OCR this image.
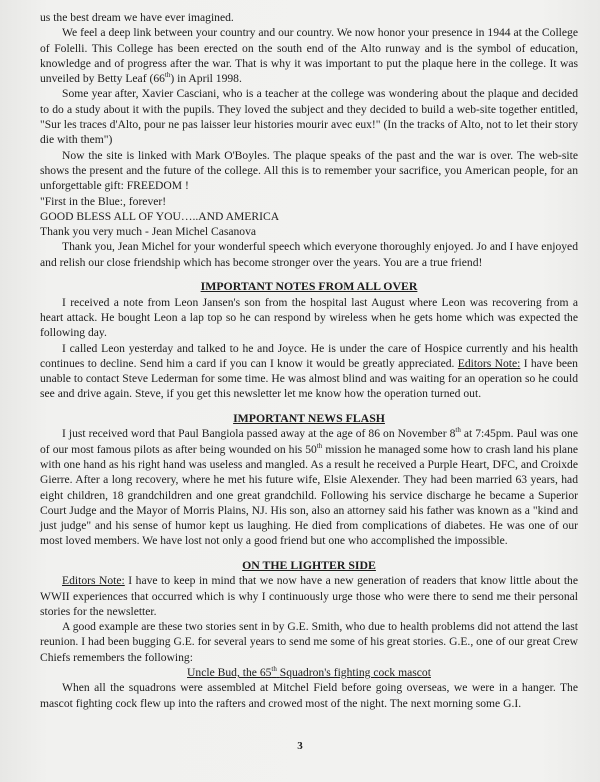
us the best dream we have ever imagined.

We feel a deep link between your country and our country. We now honor your presence in 1944 at the College of Folelli. This College has been erected on the south end of the Alto runway and is the symbol of education, knowledge and of progress after the war. That is why it was important to put the plaque here in the college. It was unveiled by Betty Leaf (66th) in April 1998.

Some year after, Xavier Casciani, who is a teacher at the college was wondering about the plaque and decided to do a study about it with the pupils. They loved the subject and they decided to build a web-site together entitled, "Sur les traces d'Alto, pour ne pas laisser leur histories mourir avec eux!" (In the tracks of Alto, not to let their story die with them")

Now the site is linked with Mark O'Boyles. The plaque speaks of the past and the war is over. The web-site shows the present and the future of the college. All this is to remember your sacrifice, you American people, for an unforgettable gift: FREEDOM !

"First in the Blue:, forever!

GOOD BLESS ALL OF YOU…..AND AMERICA

Thank you very much - Jean Michel Casanova

Thank you, Jean Michel for your wonderful speech which everyone thoroughly enjoyed. Jo and I have enjoyed and relish our close friendship which has become stronger over the years. You are a true friend!

IMPORTANT NOTES FROM ALL OVER

I received a note from Leon Jansen's son from the hospital last August where Leon was recovering from a heart attack. He bought Leon a lap top so he can respond by wireless when he gets home which was expected the following day.

I called Leon yesterday and talked to he and Joyce. He is under the care of Hospice currently and his health continues to decline. Send him a card if you can I know it would be greatly appreciated. Editors Note: I have been unable to contact Steve Lederman for some time. He was almost blind and was waiting for an operation so he could see and drive again. Steve, if you get this newsletter let me know how the operation turned out.

IMPORTANT NEWS FLASH

I just received word that Paul Bangiola passed away at the age of 86 on November 8th at 7:45pm. Paul was one of our most famous pilots as after being wounded on his 50th mission he managed some how to crash land his plane with one hand as his right hand was useless and mangled. As a result he received a Purple Heart, DFC, and Croixde Gierre. After a long recovery, where he met his future wife, Elsie Alexender. They had been married 63 years, had eight children, 18 grandchildren and one great grandchild. Following his service discharge he became a Superior Court Judge and the Mayor of Morris Plains, NJ. His son, also an attorney said his father was known as a "kind and just judge" and his sense of humor kept us laughing. He died from complications of diabetes. He was one of our most loved members. We have lost not only a good friend but one who accomplished the impossible.

ON THE LIGHTER SIDE

Editors Note: I have to keep in mind that we now have a new generation of readers that know little about the WWII experiences that occurred which is why I continuously urge those who were there to send me their personal stories for the newsletter.

A good example are these two stories sent in by G.E. Smith, who due to health problems did not attend the last reunion. I had been bugging G.E. for several years to send me some of his great stories. G.E., one of our great Crew Chiefs remembers the following:

Uncle Bud, the 65th Squadron's fighting cock mascot

When all the squadrons were assembled at Mitchel Field before going overseas, we were in a hanger. The mascot fighting cock flew up into the rafters and crowed most of the night. The next morning some G.I.

3
